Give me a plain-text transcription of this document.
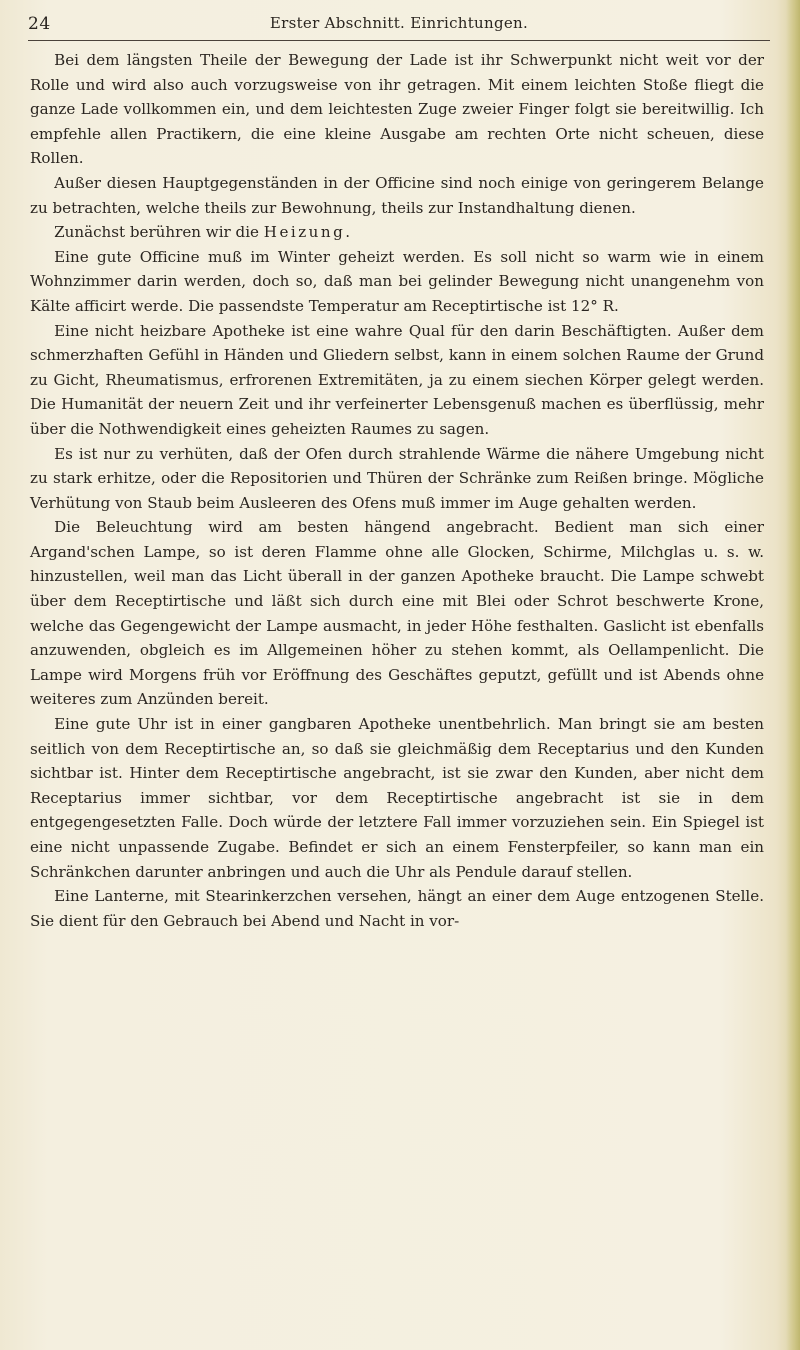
24	Erster Abschnitt. Einrichtungen.

Bei dem längsten Theile der Bewegung der Lade ist ihr Schwerpunkt nicht weit vor der Rolle und wird also auch vorzugsweise von ihr getragen. Mit einem leichten Stoße fliegt die ganze Lade vollkommen ein, und dem leichtesten Zuge zweier Finger folgt sie bereitwillig. Ich empfehle allen Practikern, die eine kleine Ausgabe am rechten Orte nicht scheuen, diese Rollen.

Außer diesen Hauptgegenständen in der Officine sind noch einige von geringerem Belange zu betrachten, welche theils zur Bewohnung, theils zur Instandhaltung dienen.

Zunächst berühren wir die Heizung.

Eine gute Officine muß im Winter geheizt werden. Es soll nicht so warm wie in einem Wohnzimmer darin werden, doch so, daß man bei gelinder Bewegung nicht unangenehm von Kälte afficirt werde. Die passendste Temperatur am Receptirtische ist 12° R.

Eine nicht heizbare Apotheke ist eine wahre Qual für den darin Beschäftigten. Außer dem schmerzhaften Gefühl in Händen und Gliedern selbst, kann in einem solchen Raume der Grund zu Gicht, Rheumatismus, erfrorenen Extremitäten, ja zu einem siechen Körper gelegt werden. Die Humanität der neuern Zeit und ihr verfeinerter Lebensgenuß machen es überflüssig, mehr über die Nothwendigkeit eines geheizten Raumes zu sagen.

Es ist nur zu verhüten, daß der Ofen durch strahlende Wärme die nähere Umgebung nicht zu stark erhitze, oder die Repositorien und Thüren der Schränke zum Reißen bringe. Mögliche Verhütung von Staub beim Ausleeren des Ofens muß immer im Auge gehalten werden.

Die Beleuchtung wird am besten hängend angebracht. Bedient man sich einer Argand'schen Lampe, so ist deren Flamme ohne alle Glocken, Schirme, Milchglas u. s. w. hinzustellen, weil man das Licht überall in der ganzen Apotheke braucht. Die Lampe schwebt über dem Receptirtische und läßt sich durch eine mit Blei oder Schrot beschwerte Krone, welche das Gegengewicht der Lampe ausmacht, in jeder Höhe festhalten. Gaslicht ist ebenfalls anzuwenden, obgleich es im Allgemeinen höher zu stehen kommt, als Oellampenlicht. Die Lampe wird Morgens früh vor Eröffnung des Geschäftes geputzt, gefüllt und ist Abends ohne weiteres zum Anzünden bereit.

Eine gute Uhr ist in einer gangbaren Apotheke unentbehrlich. Man bringt sie am besten seitlich von dem Receptirtische an, so daß sie gleichmäßig dem Receptarius und den Kunden sichtbar ist. Hinter dem Receptirtische angebracht, ist sie zwar den Kunden, aber nicht dem Receptarius immer sichtbar, vor dem Receptirtische angebracht ist sie in dem entgegengesetzten Falle. Doch würde der letztere Fall immer vorzuziehen sein. Ein Spiegel ist eine nicht unpassende Zugabe. Befindet er sich an einem Fensterpfeiler, so kann man ein Schränkchen darunter anbringen und auch die Uhr als Pendule darauf stellen.

Eine Lanterne, mit Stearinkerzchen versehen, hängt an einer dem Auge entzogenen Stelle. Sie dient für den Gebrauch bei Abend und Nacht in vor-
